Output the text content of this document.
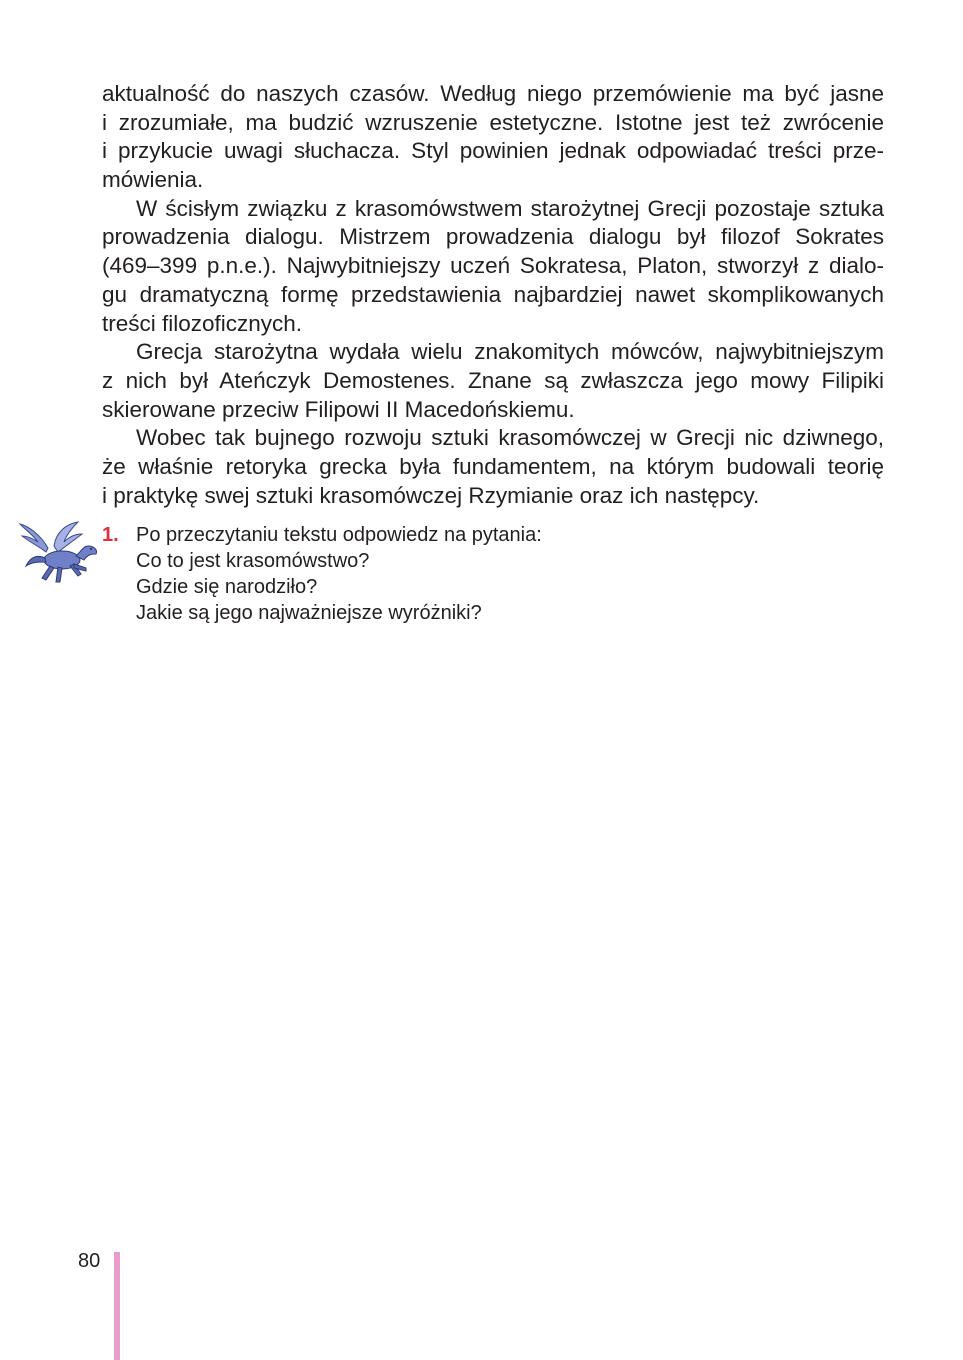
aktualność do naszych czasów. Według niego przemówienie ma być jasne
i zrozumiałe, ma budzić wzruszenie estetyczne. Istotne jest też zwrócenie
i przykucie uwagi słuchacza. Styl powinien jednak odpowiadać treści prze-
mówienia.
W ścisłym związku z krasomówstwem starożytnej Grecji pozostaje sztuka
prowadzenia dialogu. Mistrzem prowadzenia dialogu był filozof Sokrates
(469–399 p.n.e.). Najwybitniejszy uczeń Sokratesa, Platon, stworzył z dialo-
gu dramatyczną formę przedstawienia najbardziej nawet skomplikowanych
treści filozoficznych.
Grecja starożytna wydała wielu znakomitych mówców, najwybitniejszym
z nich był Ateńczyk Demostenes. Znane są zwłaszcza jego mowy Filipiki
skierowane przeciw Filipowi II Macedońskiemu.
Wobec tak bujnego rozwoju sztuki krasomówczej w Grecji nic dziwnego,
że właśnie retoryka grecka była fundamentem, na którym budowali teorię
i praktykę swej sztuki krasomówczej Rzymianie oraz ich następcy.
1. Po przeczytaniu tekstu odpowiedz na pytania:
Co to jest krasomówstwo?
Gdzie się narodziło?
Jakie są jego najważniejsze wyróżniki?
80
